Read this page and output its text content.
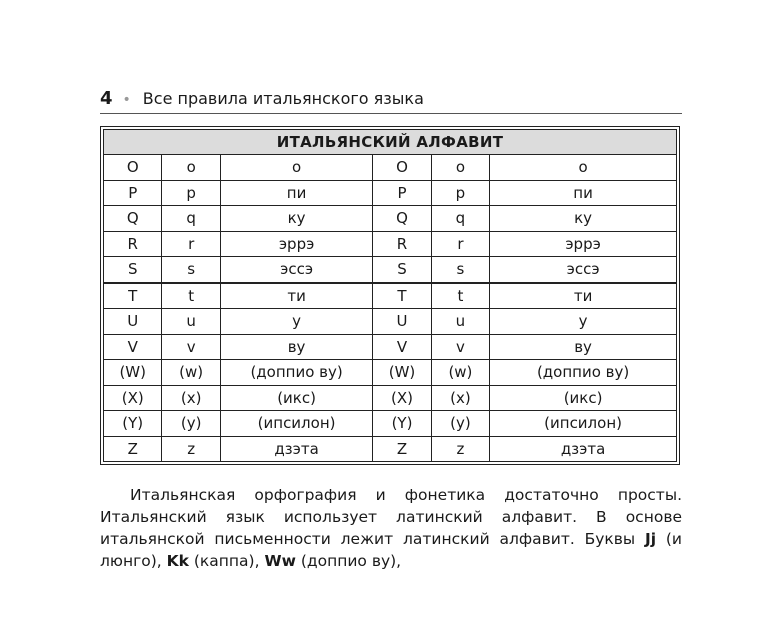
4 • Все правила итальянского языка
ИТАЛЬЯНСКИЙ АЛФАВИТ					
O	o	о	O	o	о
P	p	пи	P	p	пи
Q	q	ку	Q	q	ку
R	r	эррэ	R	r	эррэ
S	s	эссэ	S	s	эссэ
T	t	ти	T	t	ти
U	u	у	U	u	у
V	v	ву	V	v	ву
(W)	(w)	(доппио ву)	(W)	(w)	(доппио ву)
(X)	(x)	(икс)	(X)	(x)	(икс)
(Y)	(y)	(ипсилон)	(Y)	(y)	(ипсилон)
Z	z	дзэта	Z	z	дзэта
Итальянская орфография и фонетика достаточно просты. Итальянский язык использует латинский алфавит. В основе итальянской письменности лежит латинский алфавит. Буквы Jj (и люнго), Kk (каппа), Ww (доппио ву),
